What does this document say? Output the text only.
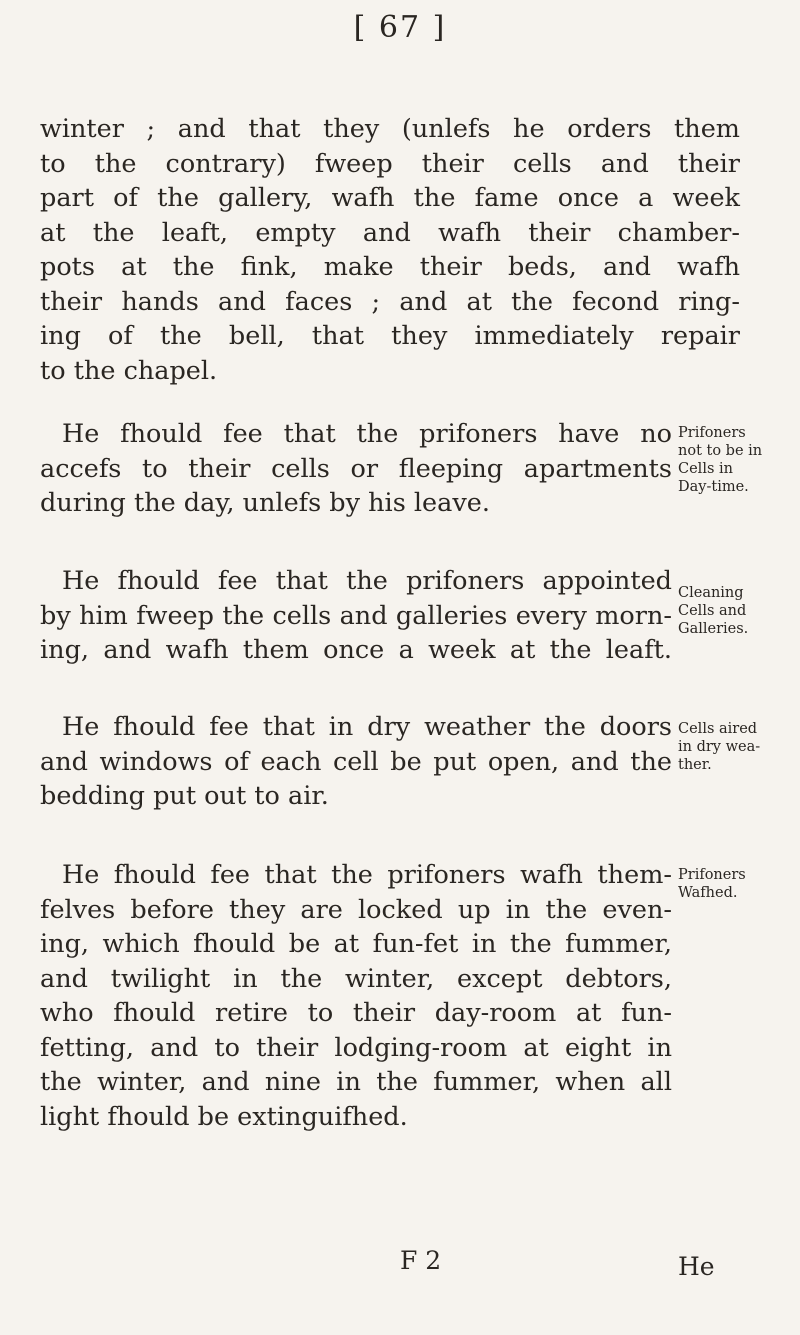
[ 67 ]
winter ; and that they (unlefs he orders them
to the contrary) fweep their cells and their
part of the gallery, wafh the fame once a week
at the leaft, empty and wafh their chamber-
pots at the fink, make their beds, and wafh
their hands and faces ; and at the fecond ring-
ing of the bell, that they immediately repair
to the chapel.
He fhould fee that the prifoners have no
accefs to their cells or fleeping apartments
during the day, unlefs by his leave.
Prifoners
not to be in
Cells in
Day-time.
He fhould fee that the prifoners appointed
by him fweep the cells and galleries every morn-
ing, and wafh them once a week at the leaft.
Cleaning
Cells and
Galleries.
He fhould fee that in dry weather the doors
and windows of each cell be put open, and the
bedding put out to air.
Cells aired
in dry wea-
ther.
He fhould fee that the prifoners wafh them-
felves before they are locked up in the even-
ing, which fhould be at fun-fet in the fummer,
and twilight in the winter, except debtors,
who fhould retire to their day-room at fun-
fetting, and to their lodging-room at eight in
the winter, and nine in the fummer, when all
light fhould be extinguifhed.
Prifoners
Wafhed.
F 2	He
